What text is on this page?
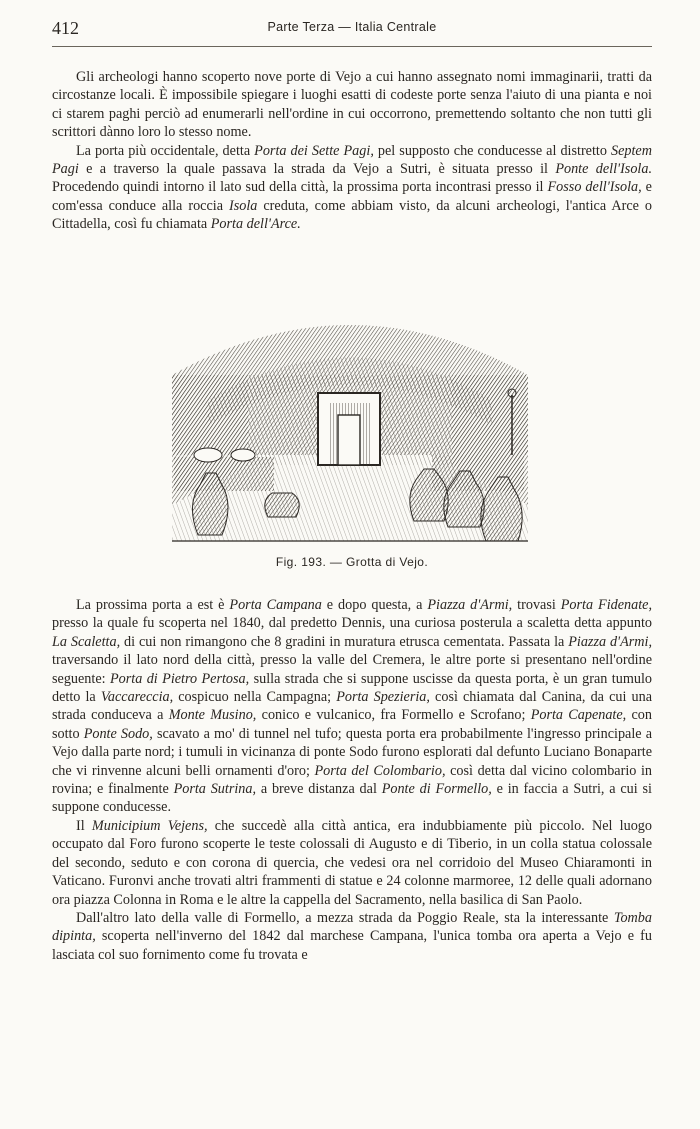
412	Parte Terza — Italia Centrale

Gli archeologi hanno scoperto nove porte di Vejo a cui hanno assegnato nomi immaginarii, tratti da circostanze locali. È impossibile spiegare i luoghi esatti di codeste porte senza l'aiuto di una pianta e noi ci starem paghi perciò ad enumerarli nell'ordine in cui occorrono, premettendo soltanto che non tutti gli scrittori dànno loro lo stesso nome.

La porta più occidentale, detta Porta dei Sette Pagi, pel supposto che conducesse al distretto Septem Pagi e a traverso la quale passava la strada da Vejo a Sutri, è situata presso il Ponte dell'Isola. Procedendo quindi intorno il lato sud della città, la prossima porta incontrasi presso il Fosso dell'Isola, e com'essa conduce alla roccia Isola creduta, come abbiam visto, da alcuni archeologi, l'antica Arce o Cittadella, così fu chiamata Porta dell'Arce.

Fig. 193. — Grotta di Vejo.

La prossima porta a est è Porta Campana e dopo questa, a Piazza d'Armi, trovasi Porta Fidenate, presso la quale fu scoperta nel 1840, dal predetto Dennis, una curiosa posterula a scaletta detta appunto La Scaletta, di cui non rimangono che 8 gradini in muratura etrusca cementata. Passata la Piazza d'Armi, traversando il lato nord della città, presso la valle del Cremera, le altre porte si presentano nell'ordine seguente: Porta di Pietro Pertosa, sulla strada che si suppone uscisse da questa porta, è un gran tumulo detto la Vaccareccia, cospicuo nella Campagna; Porta Spezieria, così chiamata dal Canina, da cui una strada conduceva a Monte Musino, conico e vulcanico, fra Formello e Scrofano; Porta Capenate, con sotto Ponte Sodo, scavato a mo' di tunnel nel tufo; questa porta era probabilmente l'ingresso principale a Vejo dalla parte nord; i tumuli in vicinanza di ponte Sodo furono esplorati dal defunto Luciano Bonaparte che vi rinvenne alcuni belli ornamenti d'oro; Porta del Colombario, così detta dal vicino colombario in rovina; e finalmente Porta Sutrina, a breve distanza dal Ponte di Formello, e in faccia a Sutri, a cui si suppone conducesse.

Il Municipium Vejens, che succedè alla città antica, era indubbiamente più piccolo. Nel luogo occupato dal Foro furono scoperte le teste colossali di Augusto e di Tiberio, in un colla statua colossale del secondo, seduto e con corona di quercia, che vedesi ora nel corridoio del Museo Chiaramonti in Vaticano. Furonvi anche trovati altri frammenti di statue e 24 colonne marmoree, 12 delle quali adornano ora piazza Colonna in Roma e le altre la cappella del Sacramento, nella basilica di San Paolo.

Dall'altro lato della valle di Formello, a mezza strada da Poggio Reale, sta la interessante Tomba dipinta, scoperta nell'inverno del 1842 dal marchese Campana, l'unica tomba ora aperta a Vejo e fu lasciata col suo fornimento come fu trovata e
